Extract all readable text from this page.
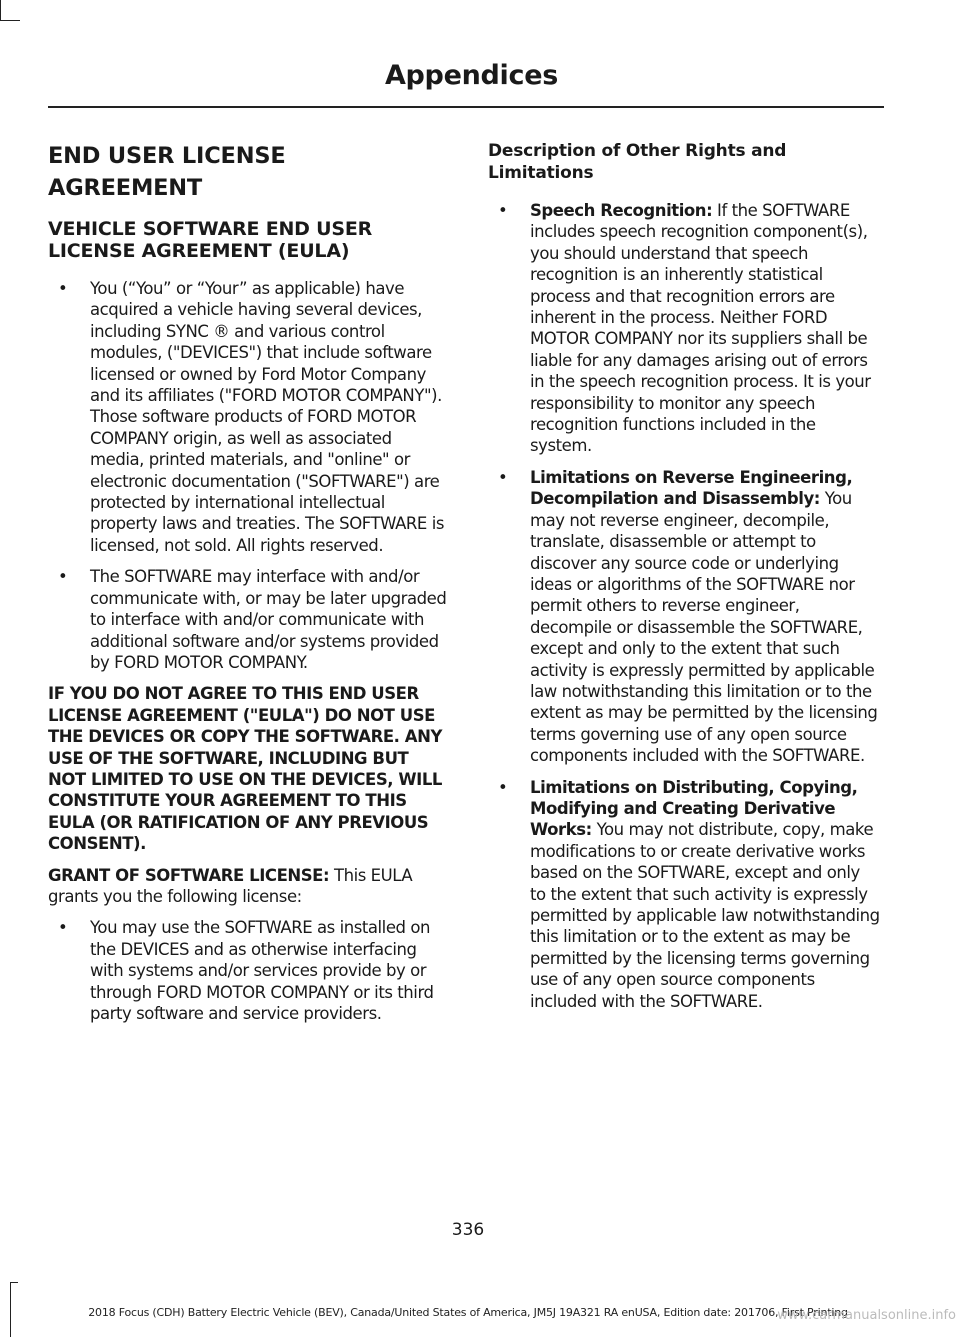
Appendices
END USER LICENSE
AGREEMENT
VEHICLE SOFTWARE END USER LICENSE AGREEMENT (EULA)
• You (“You” or “Your” as applicable) have acquired a vehicle having several devices, including SYNC ® and various control modules, ("DEVICES") that include software licensed or owned by Ford Motor Company and its affiliates ("FORD MOTOR COMPANY"). Those software products of FORD MOTOR COMPANY origin, as well as associated media, printed materials, and "online" or electronic documentation ("SOFTWARE") are protected by international intellectual property laws and treaties. The SOFTWARE is licensed, not sold. All rights reserved.
• The SOFTWARE may interface with and/or communicate with, or may be later upgraded to interface with and/or communicate with additional software and/or systems provided by FORD MOTOR COMPANY.
IF YOU DO NOT AGREE TO THIS END USER LICENSE AGREEMENT ("EULA") DO NOT USE THE DEVICES OR COPY THE SOFTWARE. ANY USE OF THE SOFTWARE, INCLUDING BUT NOT LIMITED TO USE ON THE DEVICES, WILL CONSTITUTE YOUR AGREEMENT TO THIS EULA (OR RATIFICATION OF ANY PREVIOUS CONSENT).
GRANT OF SOFTWARE LICENSE: This EULA grants you the following license:
• You may use the SOFTWARE as installed on the DEVICES and as otherwise interfacing with systems and/or services provide by or through FORD MOTOR COMPANY or its third party software and service providers.
Description of Other Rights and Limitations
• Speech Recognition: If the SOFTWARE includes speech recognition component(s), you should understand that speech recognition is an inherently statistical process and that recognition errors are inherent in the process. Neither FORD MOTOR COMPANY nor its suppliers shall be liable for any damages arising out of errors in the speech recognition process. It is your responsibility to monitor any speech recognition functions included in the system.
• Limitations on Reverse Engineering, Decompilation and Disassembly: You may not reverse engineer, decompile, translate, disassemble or attempt to discover any source code or underlying ideas or algorithms of the SOFTWARE nor permit others to reverse engineer, decompile or disassemble the SOFTWARE, except and only to the extent that such activity is expressly permitted by applicable law notwithstanding this limitation or to the extent as may be permitted by the licensing terms governing use of any open source components included with the SOFTWARE.
• Limitations on Distributing, Copying, Modifying and Creating Derivative Works: You may not distribute, copy, make modifications to or create derivative works based on the SOFTWARE, except and only to the extent that such activity is expressly permitted by applicable law notwithstanding this limitation or to the extent as may be permitted by the licensing terms governing use of any open source components included with the SOFTWARE.
336
2018 Focus (CDH) Battery Electric Vehicle (BEV), Canada/United States of America, JM5J 19A321 RA enUSA, Edition date: 201706, First Printing
www.carmanualsonline.info
